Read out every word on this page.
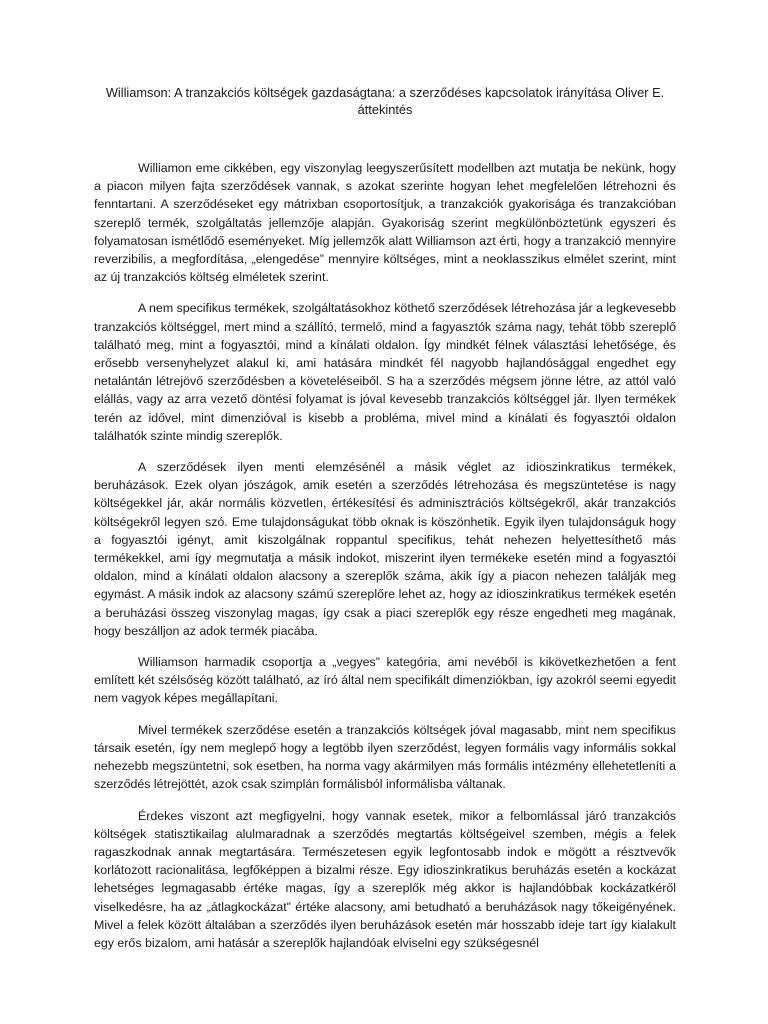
Williamson: A tranzakciós költségek gazdaságtana: a szerződéses kapcsolatok irányítása Oliver E. áttekintés

Williamon eme cikkében, egy viszonylag leegyszerűsített modellben azt mutatja be nekünk, hogy a piacon milyen fajta szerződések vannak, s azokat szerinte hogyan lehet megfelelően létrehozni és fenntartani. A szerződéseket egy mátrixban csoportosítjuk, a tranzakciók gyakorisága és tranzakcióban szereplő termék, szolgáltatás jellemzője alapján. Gyakoriság szerint megkülönböztetünk egyszeri és folyamatosan ismétlődő eseményeket. Míg jellemzők alatt Williamson azt érti, hogy a tranzakció mennyire reverzibilis, a megfordítása, „elengedése” mennyire költséges, mint a neoklasszikus elmélet szerint, mint az új tranzakciós költség elméletek szerint.

A nem specifikus termékek, szolgáltatásokhoz köthető szerződések létrehozása jár a legkevesebb tranzakciós költséggel, mert mind a szállító, termelő, mind a fagyasztók száma nagy, tehát több szereplő található meg, mint a fogyasztói, mind a kínálati oldalon. Így mindkét félnek választási lehetősége, és erősebb versenyhelyzet alakul ki, ami hatására mindkét fél nagyobb hajlandósággal engedhet egy netalántán létrejövő szerződésben a követeléseiből. S ha a szerződés mégsem jönne létre, az attól való elállás, vagy az arra vezető döntési folyamat is jóval kevesebb tranzakciós költséggel jár. Ilyen termékek terén az idővel, mint dimenzióval is kisebb a probléma, mivel mind a kínálati és fogyasztói oldalon találhatók szinte mindig szereplők.

A szerződések ilyen menti elemzésénél a másik véglet az idioszinkratikus termékek, beruházások. Ezek olyan jószágok, amik esetén a szerződés létrehozása és megszüntetése is nagy költségekkel jár, akár normális közvetlen, értékesítési és adminisztrációs költségekről, akár tranzakciós költségekről legyen szó. Eme tulajdonságukat több oknak is köszönhetik. Egyik ilyen tulajdonságuk hogy a fogyasztói igényt, amit kiszolgálnak roppantul specifikus, tehát nehezen helyettesíthető más termékekkel, ami így megmutatja a másik indokot, miszerint ilyen termékeke esetén mind a fogyasztói oldalon, mind a kínálati oldalon alacsony a szereplők száma, akik így a piacon nehezen találják meg egymást. A másik indok az alacsony számú szereplőre lehet az, hogy az idioszinkratikus termékek esetén a beruházási összeg viszonylag magas, így csak a piaci szereplők egy része engedheti meg magának, hogy beszálljon az adok termék piacába.

Williamson harmadik csoportja a „vegyes” kategória, ami nevéből is kikövetkezhetően a fent említett két szélsőség között található, az író által nem specifikált dimenziókban, így azokról seemi egyedit nem vagyok képes megállapítani.

Mivel termékek szerződése esetén a tranzakciós költségek jóval magasabb, mint nem specifikus társaik esetén, így nem meglepő hogy a legtöbb ilyen szerződést, legyen formális vagy informális sokkal nehezebb megszüntetni, sok esetben, ha norma vagy akármilyen más formális intézmény ellehetetleníti a szerződés létrejöttét, azok csak szimplán formálisból informálisba váltanak.

Érdekes viszont azt megfigyelni, hogy vannak esetek, mikor a felbomlással járó tranzakciós költségek statisztikailag alulmaradnak a szerződés megtartás költségeivel szemben, mégis a felek ragaszkodnak annak megtartására. Természetesen egyik legfontosabb indok e mögött a résztvevők korlátozott racionalitása, legfőképpen a bizalmi része. Egy idioszinkratikus beruházás esetén a kockázat lehetséges legmagasabb értéke magas, így a szereplők még akkor is hajlandóbbak kockázatkéről viselkedésre, ha az „átlagkockázat” értéke alacsony, ami betudható a beruházások nagy tőkeigényének. Mivel a felek között általában a szerződés ilyen beruházások esetén már hosszabb ideje tart így kialakult egy erős bizalom, ami hatásár a szereplők hajlandóak elviselni egy szükségesnél
